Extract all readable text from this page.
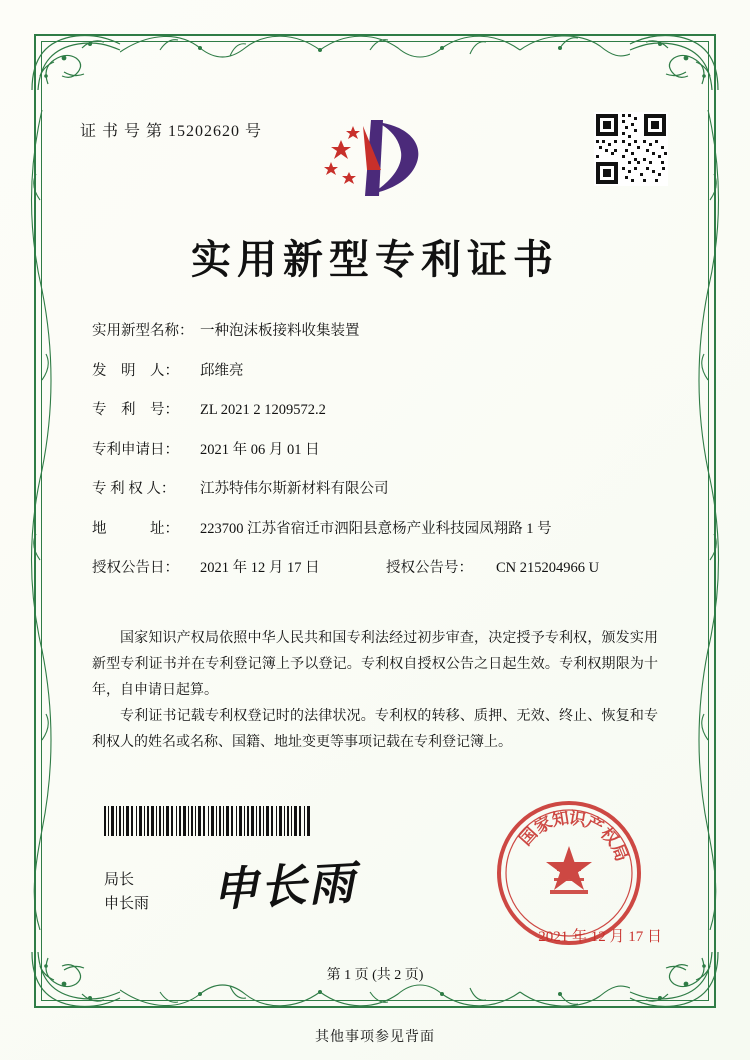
证 书 号 第 15202620 号
实用新型专利证书
实用新型名称： 一种泡沫板接料收集装置
发　明　人：	邱维亮
专　利　号：	ZL 2021 2 1209572.2
专利申请日：	2021 年 06 月 01 日
专 利 权 人：	江苏特伟尔斯新材料有限公司
地　　　址：	223700 江苏省宿迁市泗阳县意杨产业科技园凤翔路 1 号
授权公告日：	2021 年 12 月 17 日	授权公告号：	CN 215204966 U

国家知识产权局依照中华人民共和国专利法经过初步审查，决定授予专利权，颁发实用新型专利证书并在专利登记簿上予以登记。专利权自授权公告之日起生效。专利权期限为十年，自申请日起算。

专利证书记载专利权登记时的法律状况。专利权的转移、质押、无效、终止、恢复和专利权人的姓名或名称、国籍、地址变更等事项记载在专利登记簿上。

局长
申长雨 申长雨
国
家
知
识
产
权
局
2021 年 12 月 17 日
第 1 页 (共 2 页)
其他事项参见背面
